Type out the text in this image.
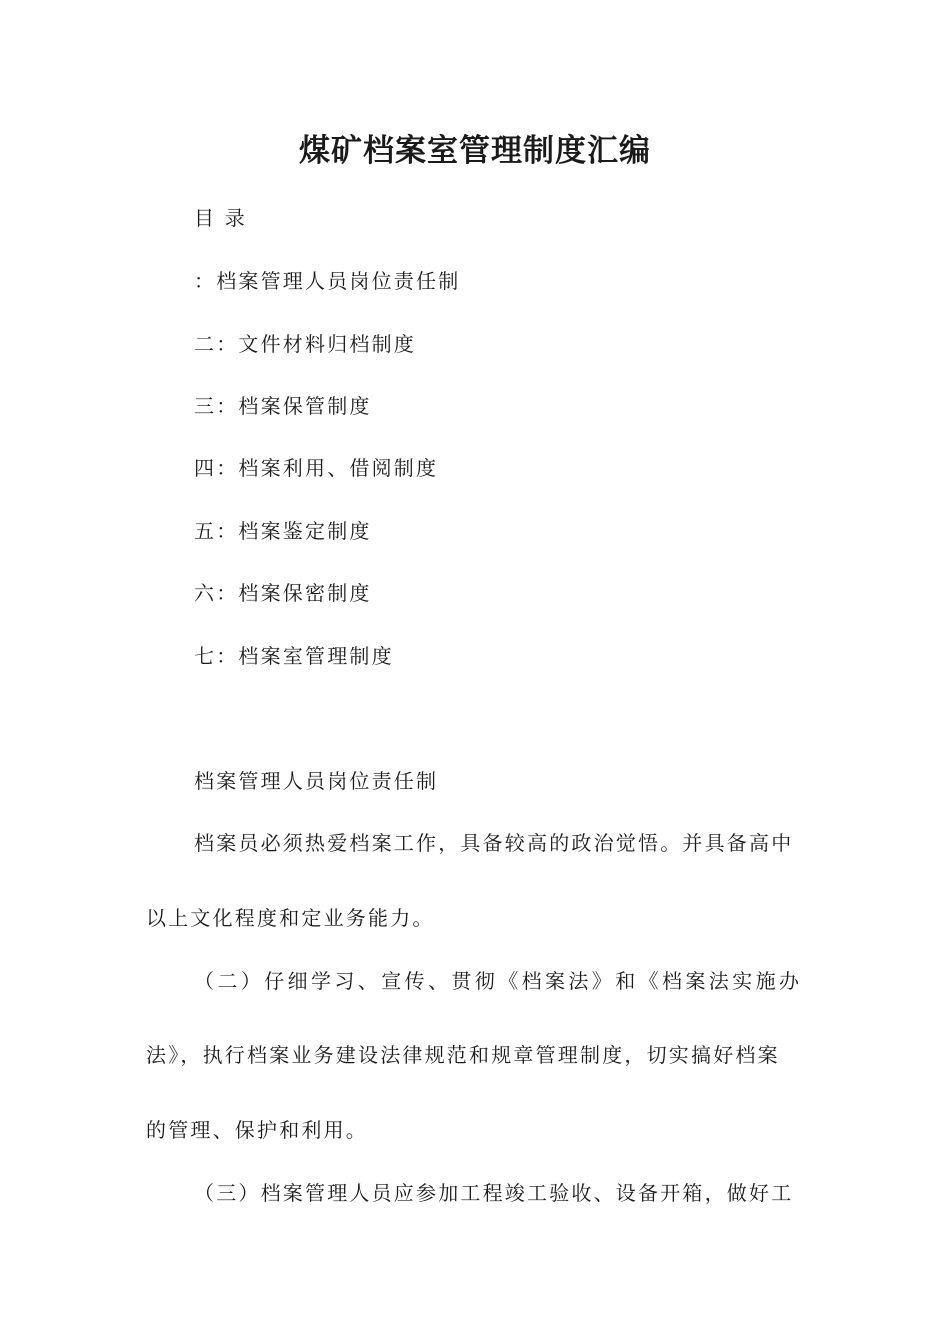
煤矿档案室管理制度汇编
目 录
：档案管理人员岗位责任制
二：文件材料归档制度
三：档案保管制度
四：档案利用、借阅制度
五：档案鉴定制度
六：档案保密制度
七：档案室管理制度
档案管理人员岗位责任制
档案员必须热爱档案工作，具备较高的政治觉悟。并具备高中
以上文化程度和定业务能力。
（二）仔细学习、宣传、贯彻《档案法》和《档案法实施办
法》，执行档案业务建设法律规范和规章管理制度，切实搞好档案
的管理、保护和利用。
（三）档案管理人员应参加工程竣工验收、设备开箱，做好工
